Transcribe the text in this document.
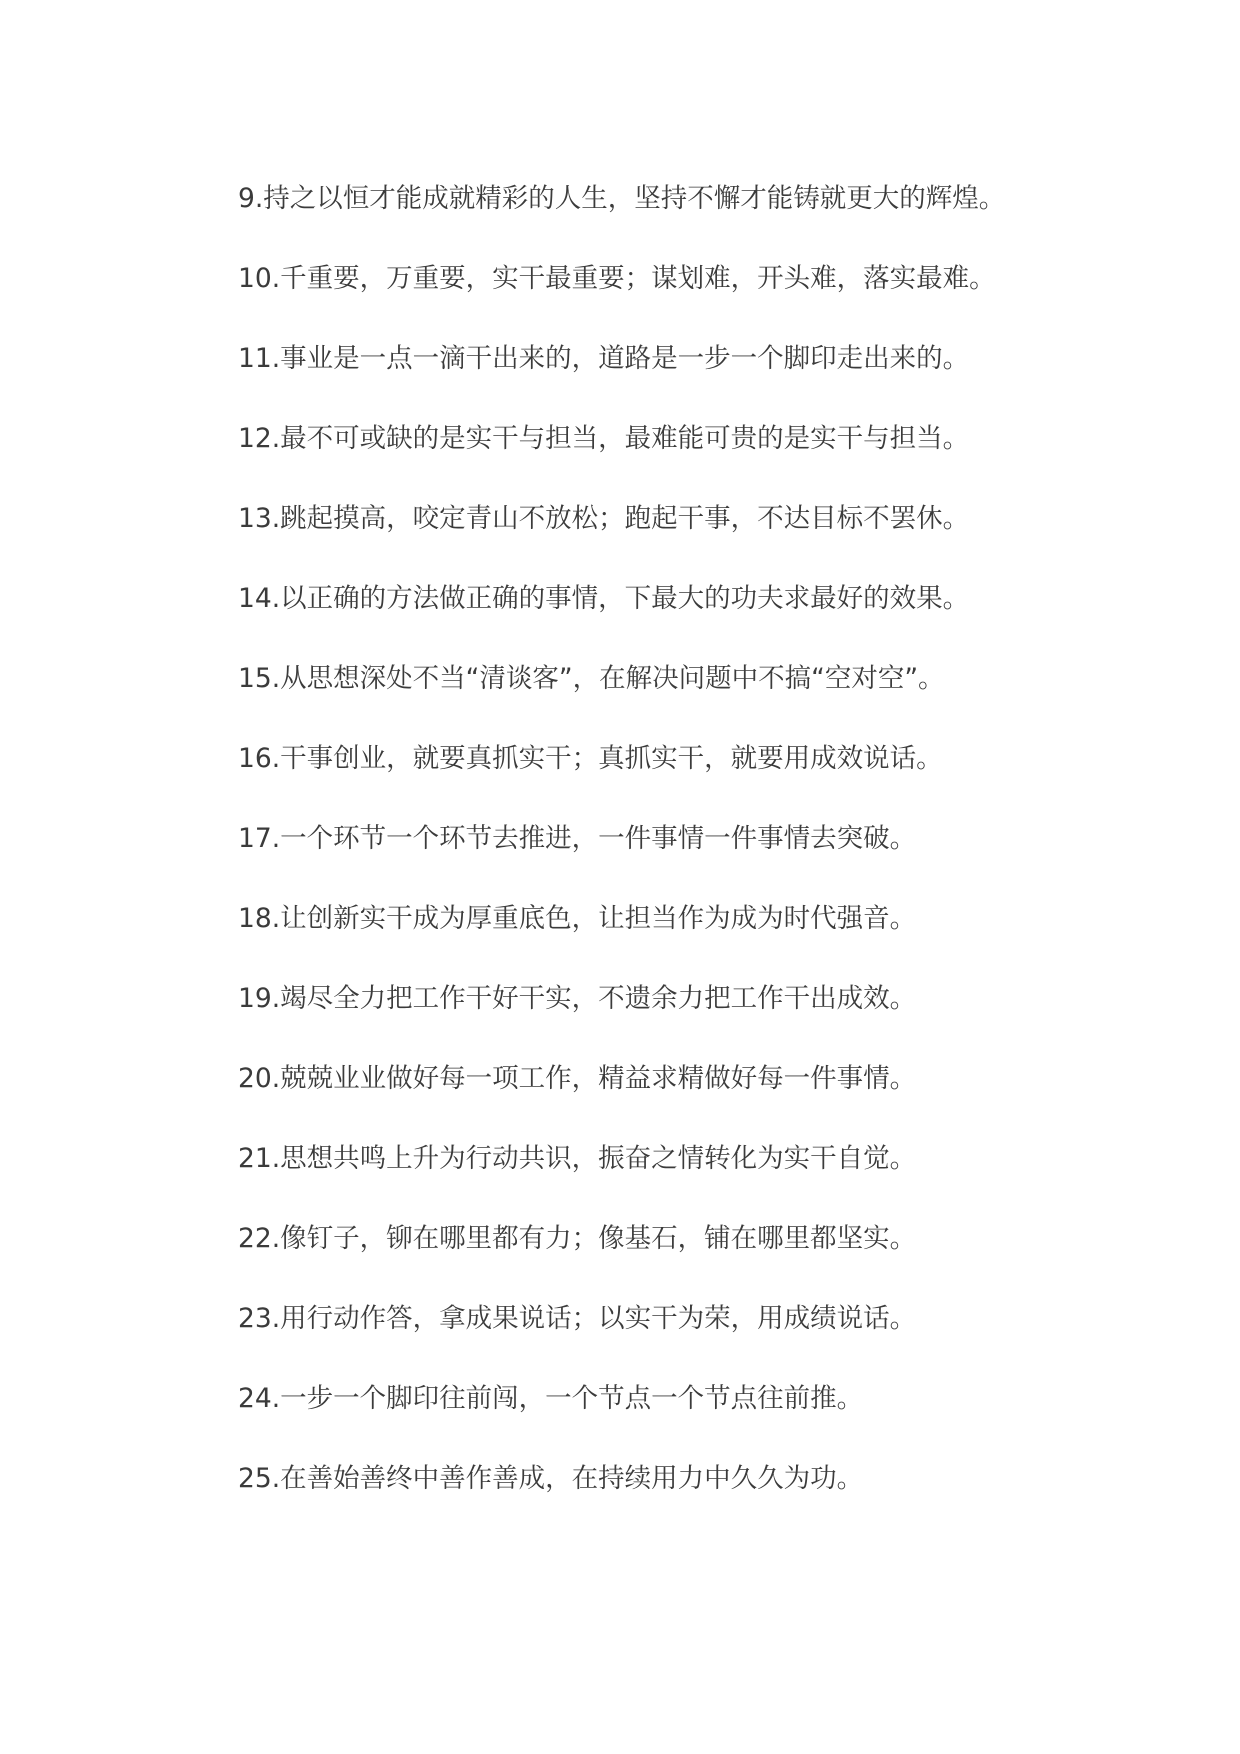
9.持之以恒才能成就精彩的人生，坚持不懈才能铸就更大的辉煌。

10.千重要，万重要，实干最重要；谋划难，开头难，落实最难。

11.事业是一点一滴干出来的，道路是一步一个脚印走出来的。

12.最不可或缺的是实干与担当，最难能可贵的是实干与担当。

13.跳起摸高，咬定青山不放松；跑起干事，不达目标不罢休。

14.以正确的方法做正确的事情，下最大的功夫求最好的效果。

15.从思想深处不当“清谈客”，在解决问题中不搞“空对空”。

16.干事创业，就要真抓实干；真抓实干，就要用成效说话。

17.一个环节一个环节去推进，一件事情一件事情去突破。

18.让创新实干成为厚重底色，让担当作为成为时代强音。

19.竭尽全力把工作干好干实，不遗余力把工作干出成效。

20.兢兢业业做好每一项工作，精益求精做好每一件事情。

21.思想共鸣上升为行动共识，振奋之情转化为实干自觉。

22.像钉子，铆在哪里都有力；像基石，铺在哪里都坚实。

23.用行动作答，拿成果说话；以实干为荣，用成绩说话。

24.一步一个脚印往前闯，一个节点一个节点往前推。

25.在善始善终中善作善成，在持续用力中久久为功。
